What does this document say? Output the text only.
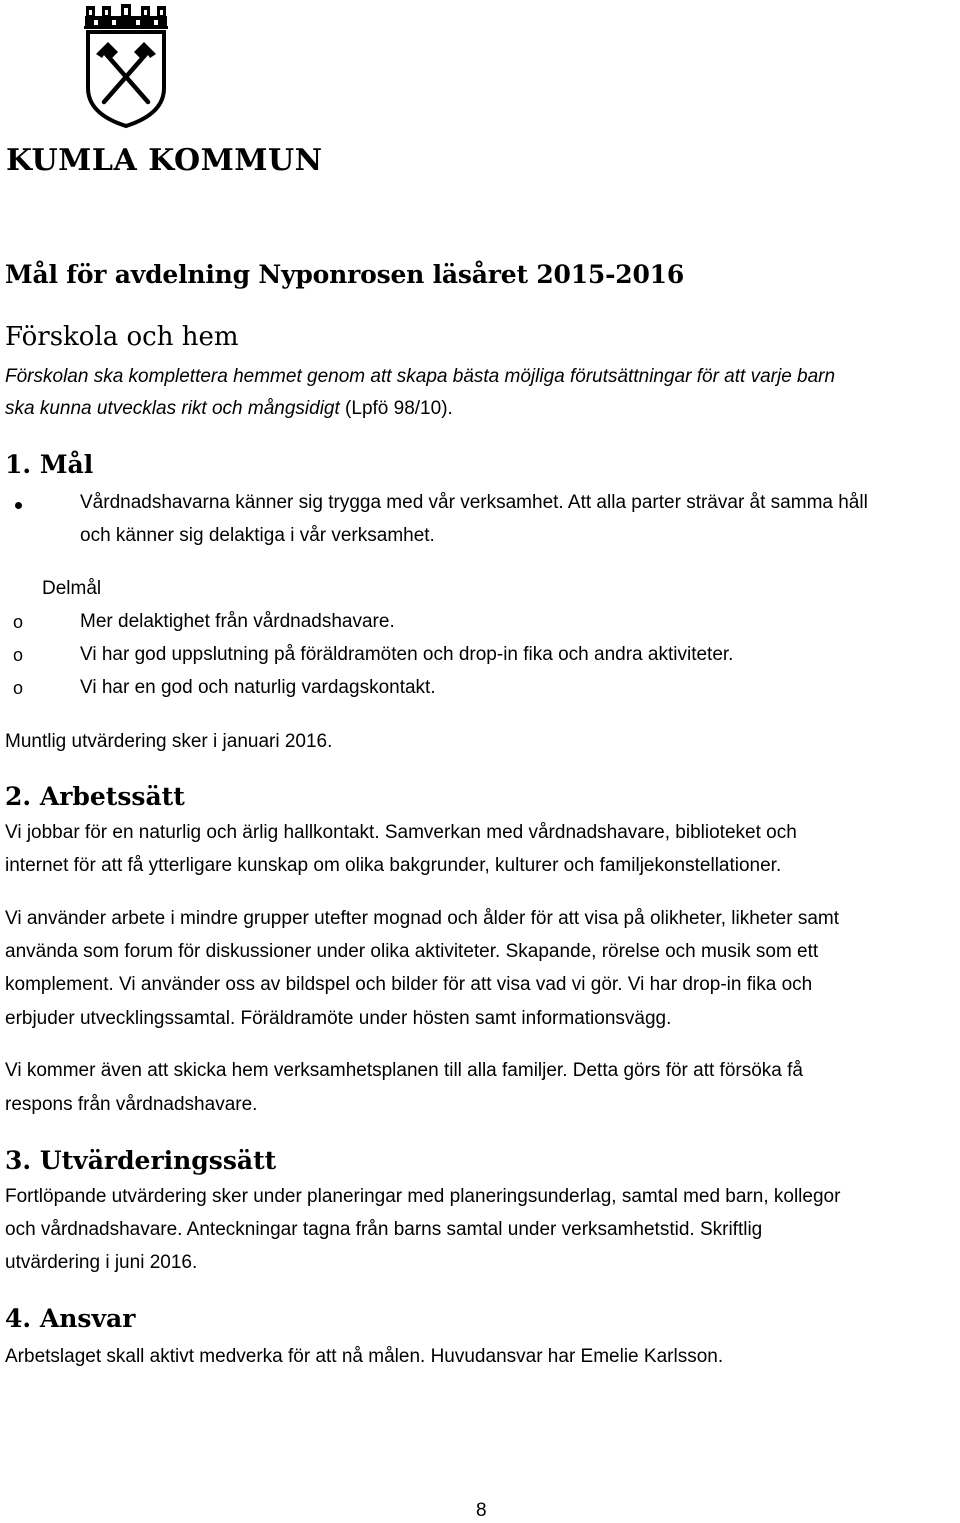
KUMLA KOMMUN
Mål för avdelning Nyponrosen läsåret 2015-2016
Förskola och hem
Förskolan ska komplettera hemmet genom att skapa bästa möjliga förutsättningar för att varje barn
ska kunna utvecklas rikt och mångsidigt (Lpfö 98/10).
1. Mål
Vårdnadshavarna känner sig trygga med vår verksamhet. Att alla parter strävar åt samma håll
och känner sig delaktiga i vår verksamhet.
Delmål
o	Mer delaktighet från vårdnadshavare.
o	Vi har god uppslutning på föräldramöten och drop-in fika och andra aktiviteter.
o	Vi har en god och naturlig vardagskontakt.
Muntlig utvärdering sker i januari 2016.
2. Arbetssätt
Vi jobbar för en naturlig och ärlig hallkontakt. Samverkan med vårdnadshavare, biblioteket och
internet för att få ytterligare kunskap om olika bakgrunder, kulturer och familjekonstellationer.
Vi använder arbete i mindre grupper utefter mognad och ålder för att visa på olikheter, likheter samt
använda som forum för diskussioner under olika aktiviteter. Skapande, rörelse och musik som ett
komplement. Vi använder oss av bildspel och bilder för att visa vad vi gör. Vi har drop-in fika och
erbjuder utvecklingssamtal. Föräldramöte under hösten samt informationsvägg.
Vi kommer även att skicka hem verksamhetsplanen till alla familjer. Detta görs för att försöka få
respons från vårdnadshavare.
3. Utvärderingssätt
Fortlöpande utvärdering sker under planeringar med planeringsunderlag, samtal med barn, kollegor
och vårdnadshavare. Anteckningar tagna från barns samtal under verksamhetstid. Skriftlig
utvärdering i juni 2016.
4. Ansvar
Arbetslaget skall aktivt medverka för att nå målen. Huvudansvar har Emelie Karlsson.
8
